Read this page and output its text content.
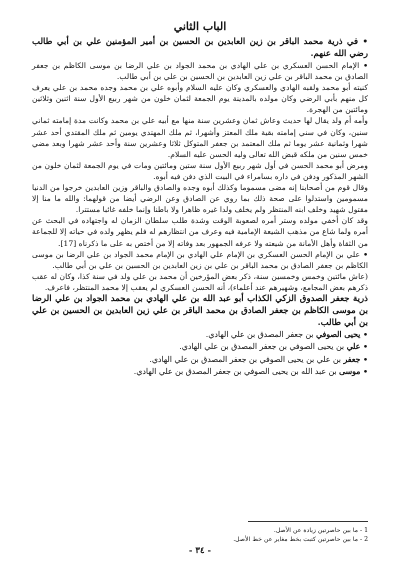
الباب الثاني
• في ذرية محمد الباقر بن زين العابدين بن الحسين بن أمير المؤمنين علي بن أبي طالب رضي الله عنهم.

• الإمام الحسن العسكري بن علي الهادي بن محمد الجواد بن علي الرضا بن موسى الكاظم بن جعفر الصادق بن محمد الباقر بن علي زين العابدين بن الحسين بن علي بن أبي طالب.

كنيته أبو محمد ولقبه الهادي والعسكري وكان عليه السلام وأبوه علي بن محمد وجده محمد بن علي يعرف كل منهم بأبي الرضي وكان مولده بالمدينة يوم الجمعة لثمان خلون من شهر ربيع الأول سنة اثنين وثلاثين ومائتين من الهجرة.

وأمه أم ولد يقال لها حديث وعاش ثمان وعشرين سنة منها مع أبيه علي بن محمد وكانت مدة إمامته ثماني سنين، وكان في سني إمامته بقية ملك المعتز وأشهرا، ثم ملك المهتدي يومين ثم ملك المقتدي أحد عشر شهرا وثمانية عشر يوما ثم ملك المعتمد بن جعفر المتوكل ثلاثا وعشرين سنة وأحد عشر شهرا وبعد مضي خمس سنين من ملكه قبض الله تعالى وليه الحسن عليه السلام.

ومرض أبو محمد الحسن في أول شهر ربيع الأول سنة ستين ومائتين ومات في يوم الجمعة لثمان خلون من الشهر المذكور ودفن في داره بسامراء في البيت الذي دفن فيه أبوه.

وقال قوم من أصحابنا إنه مضى مسموما وكذلك أبوه وجده والصادق والباقر وزين العابدين خرجوا من الدنيا مسمومين واستدلوا على صحة ذلك بما روي عن الصادق وعن الرضي أيضا من قولهما: والله ما منا إلا مقتول شهيد وخلف ابنه المنتظر ولم يخلف ولدا غيره ظاهرا ولا باطنا وإنما خلفه غائبا مستترا.

وقد كان أخفي مولده وستر أمره لصعوبة الوقت وشدة طلب سلطان الزمان له واجتهاده في البحث عن أمره ولما شاع من مذهب الشيعة الإمامية فيه وعرف من انتظارهم له فلم يظهر ولده في حياته إلا للجماعة من الثقاة وأهل الأمانة من شيعته ولا عرفه الجمهور بعد وفاته إلا من أختص به على ما ذكرناه [17].

• علي بن الإمام الحسن العسكري بن الإمام علي الهادي بن الإمام محمد الجواد بن علي الرضا بن موسى الكاظم بن جعفر الصادق بن محمد الباقر بن علي بن زين العابدين بن الحسين بن علي بن أبي طالب.

(عاش مائتين وخمس وخمسين سنة، ذكر بعض المؤرخين أن محمد بن علي ولد في سنة كذا، وكان له عقب ذكرهم بعض المجامع، وشهيرهم عند أعلماء)، أنه الحسن العسكري لم يعقب إلا محمد المنتظر، فاعرف.

ذرية جعفر الصدوق الزكي الكذاب أبو عبد الله بن علي الهادي بن محمد الجواد بن علي الرضا بن موسى الكاظم بن جعفر الصادق بن محمد الباقر بن علي زين العابدين بن الحسين بن علي بن أبي طالب.
• يحيى الصوفي بن جعفر المصدق بن علي الهادي.
• علي بن يحيى الصوفي بن جعفر المصدق بن علي الهادي.
• جعفر بن علي بن يحيى الصوفي بن جعفر المصدق بن علي الهادي.
• موسى بن عبد الله بن يحيى الصوفي بن جعفر المصدق بن علي الهادي.
1 - ما بين حاصرتين زيادة عن الأصل.
2 - ما بين حاصرتين كتبت بخط مغاير عن خط الأصل.
- ٣٤ -
